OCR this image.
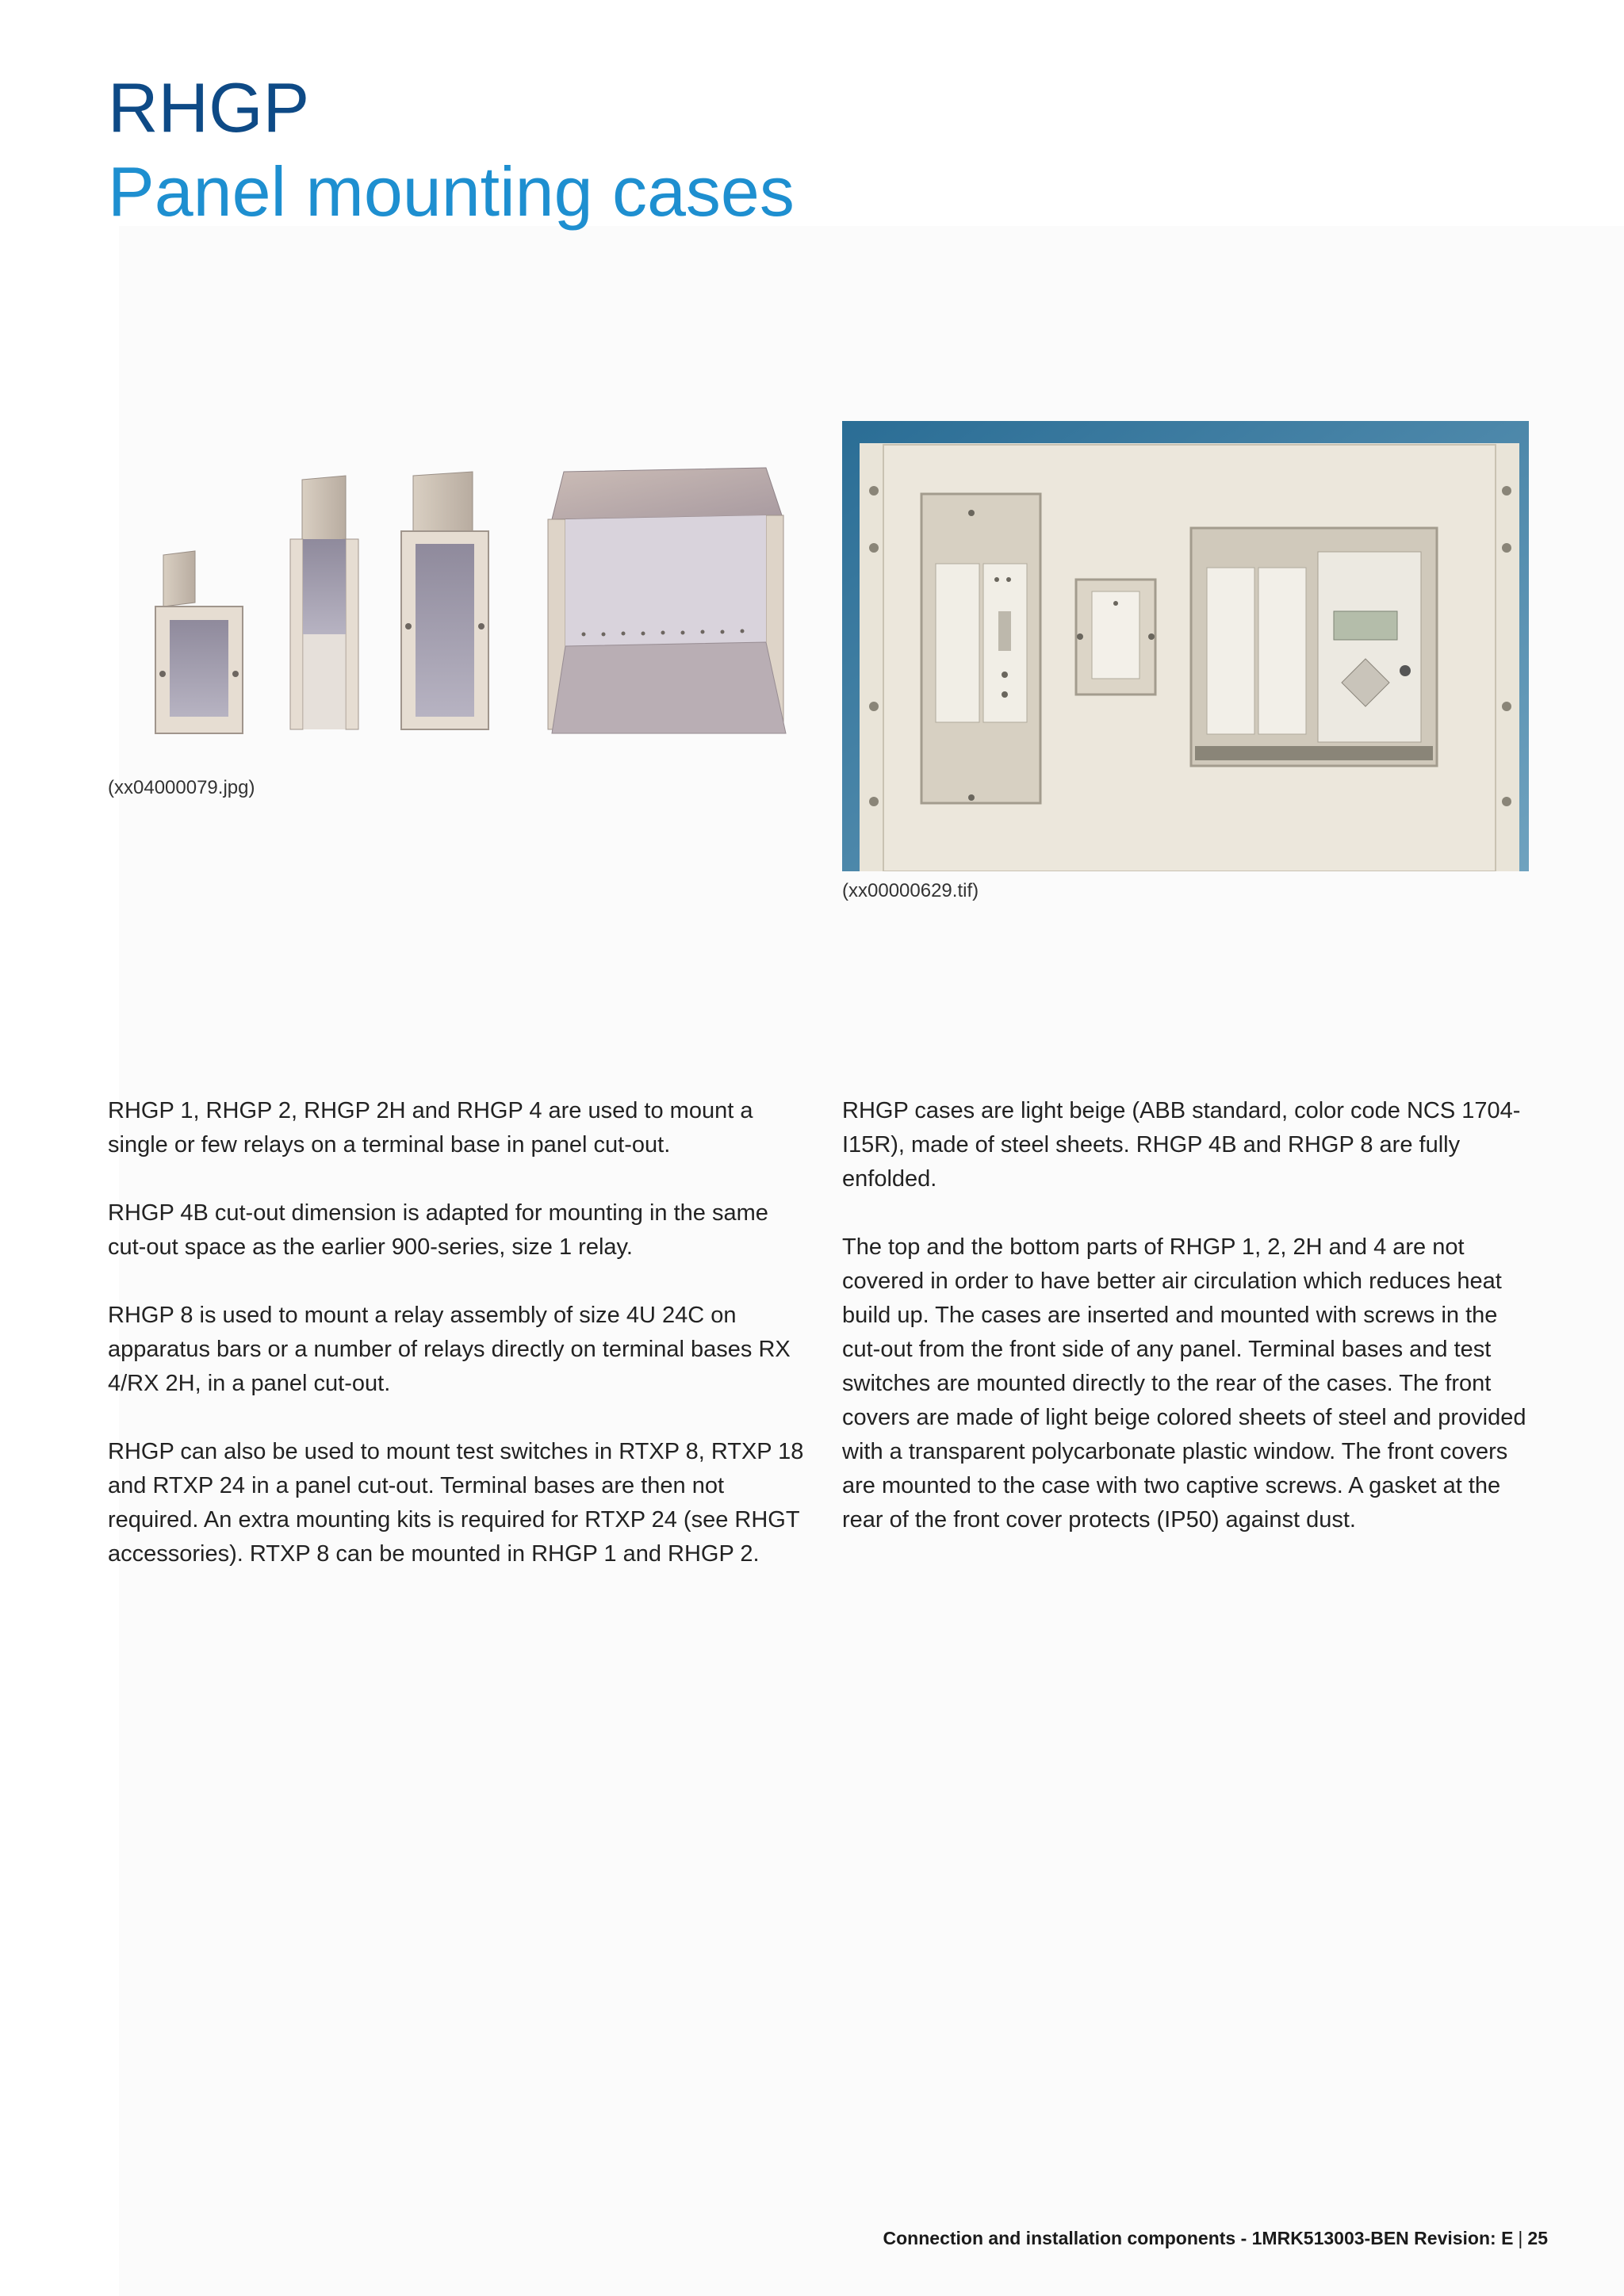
RHGP
Panel mounting cases
(xx04000079.jpg)
(xx00000629.tif)

RHGP 1, RHGP 2, RHGP 2H and RHGP 4 are used to mount a single or few relays on a terminal base in panel cut-out.

RHGP 4B cut-out dimension is adapted for mounting in the same cut-out space as the earlier 900-series, size 1 relay.

RHGP 8 is used to mount a relay assembly of size 4U 24C on apparatus bars or a number of relays directly on terminal bases RX 4/RX 2H, in a panel cut-out.

RHGP can also be used to mount test switches in RTXP 8, RTXP 18 and RTXP 24 in a panel cut-out. Terminal bases are then not required. An extra mounting kits is required for RTXP 24 (see RHGT accessories). RTXP 8 can be mounted in RHGP 1 and RHGP 2.

RHGP cases are light beige (ABB standard, color code NCS 1704-I15R), made of steel sheets. RHGP 4B and RHGP 8 are fully enfolded.

The top and the bottom parts of RHGP 1, 2, 2H and 4 are not covered in order to have better air circulation which reduces heat build up. The cases are inserted and mounted with screws in the cut-out from the front side of any panel. Terminal bases and test switches are mounted directly to the rear of the cases. The front covers are made of light beige colored sheets of steel and provided with a transparent polycarbonate plastic window. The front covers are mounted to the case with two captive screws. A gasket at the rear of the front cover protects (IP50) against dust.

Connection and installation components - 1MRK513003-BEN Revision: E | 25
